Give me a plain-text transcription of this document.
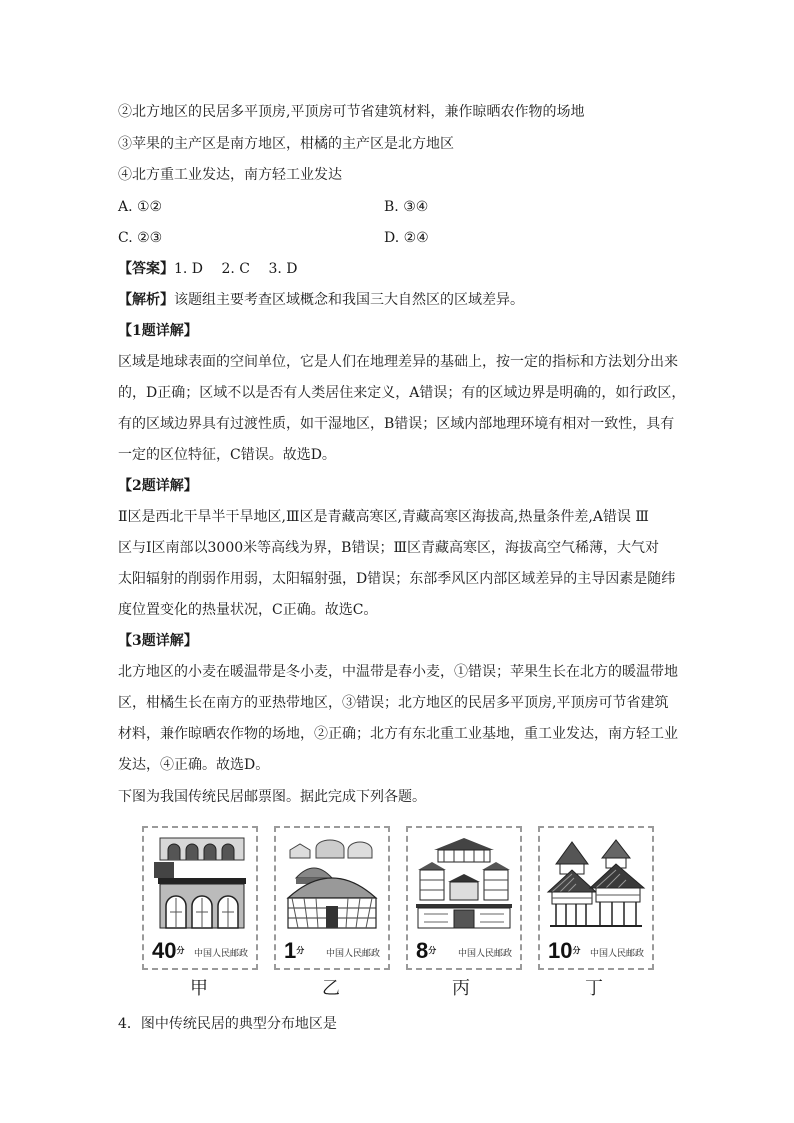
②北方地区的民居多平顶房,平顶房可节省建筑材料，兼作晾晒农作物的场地
③苹果的主产区是南方地区，柑橘的主产区是北方地区
④北方重工业发达，南方轻工业发达
A. ①②	B. ③④
C. ②③	D. ②④
【答案】1. D　 2. C　 3. D
【解析】该题组主要考查区域概念和我国三大自然区的区域差异。
【1题详解】
区域是地球表面的空间单位，它是人们在地理差异的基础上，按一定的指标和方法划分出来
的，D正确；区域不以是否有人类居住来定义，A错误；有的区域边界是明确的，如行政区，
有的区域边界具有过渡性质，如干湿地区，B错误；区域内部地理环境有相对一致性，具有
一定的区位特征，C错误。故选D。
【2题详解】
Ⅱ区是西北干旱半干旱地区,Ⅲ区是青藏高寒区,青藏高寒区海拔高,热量条件差,A错误 Ⅲ
区与Ⅰ区南部以3000米等高线为界，B错误；Ⅲ区青藏高寒区，海拔高空气稀薄，大气对
太阳辐射的削弱作用弱，太阳辐射强，D错误；东部季风区内部区域差异的主导因素是随纬
度位置变化的热量状况，C正确。故选C。
【3题详解】
北方地区的小麦在暖温带是冬小麦，中温带是春小麦，①错误；苹果生长在北方的暖温带地
区，柑橘生长在南方的亚热带地区，③错误；北方地区的民居多平顶房,平顶房可节省建筑
材料，兼作晾晒农作物的场地，②正确；北方有东北重工业基地，重工业发达，南方轻工业
发达，④正确。故选D。
下图为我国传统民居邮票图。据此完成下列各题。
$40^分$ 中国人民邮政 $1^分$ 中国人民邮政 $8^分$ 中国人民邮政 $10^分$ 中国人民邮政
甲	乙	丙	丁
4．图中传统民居的典型分布地区是
